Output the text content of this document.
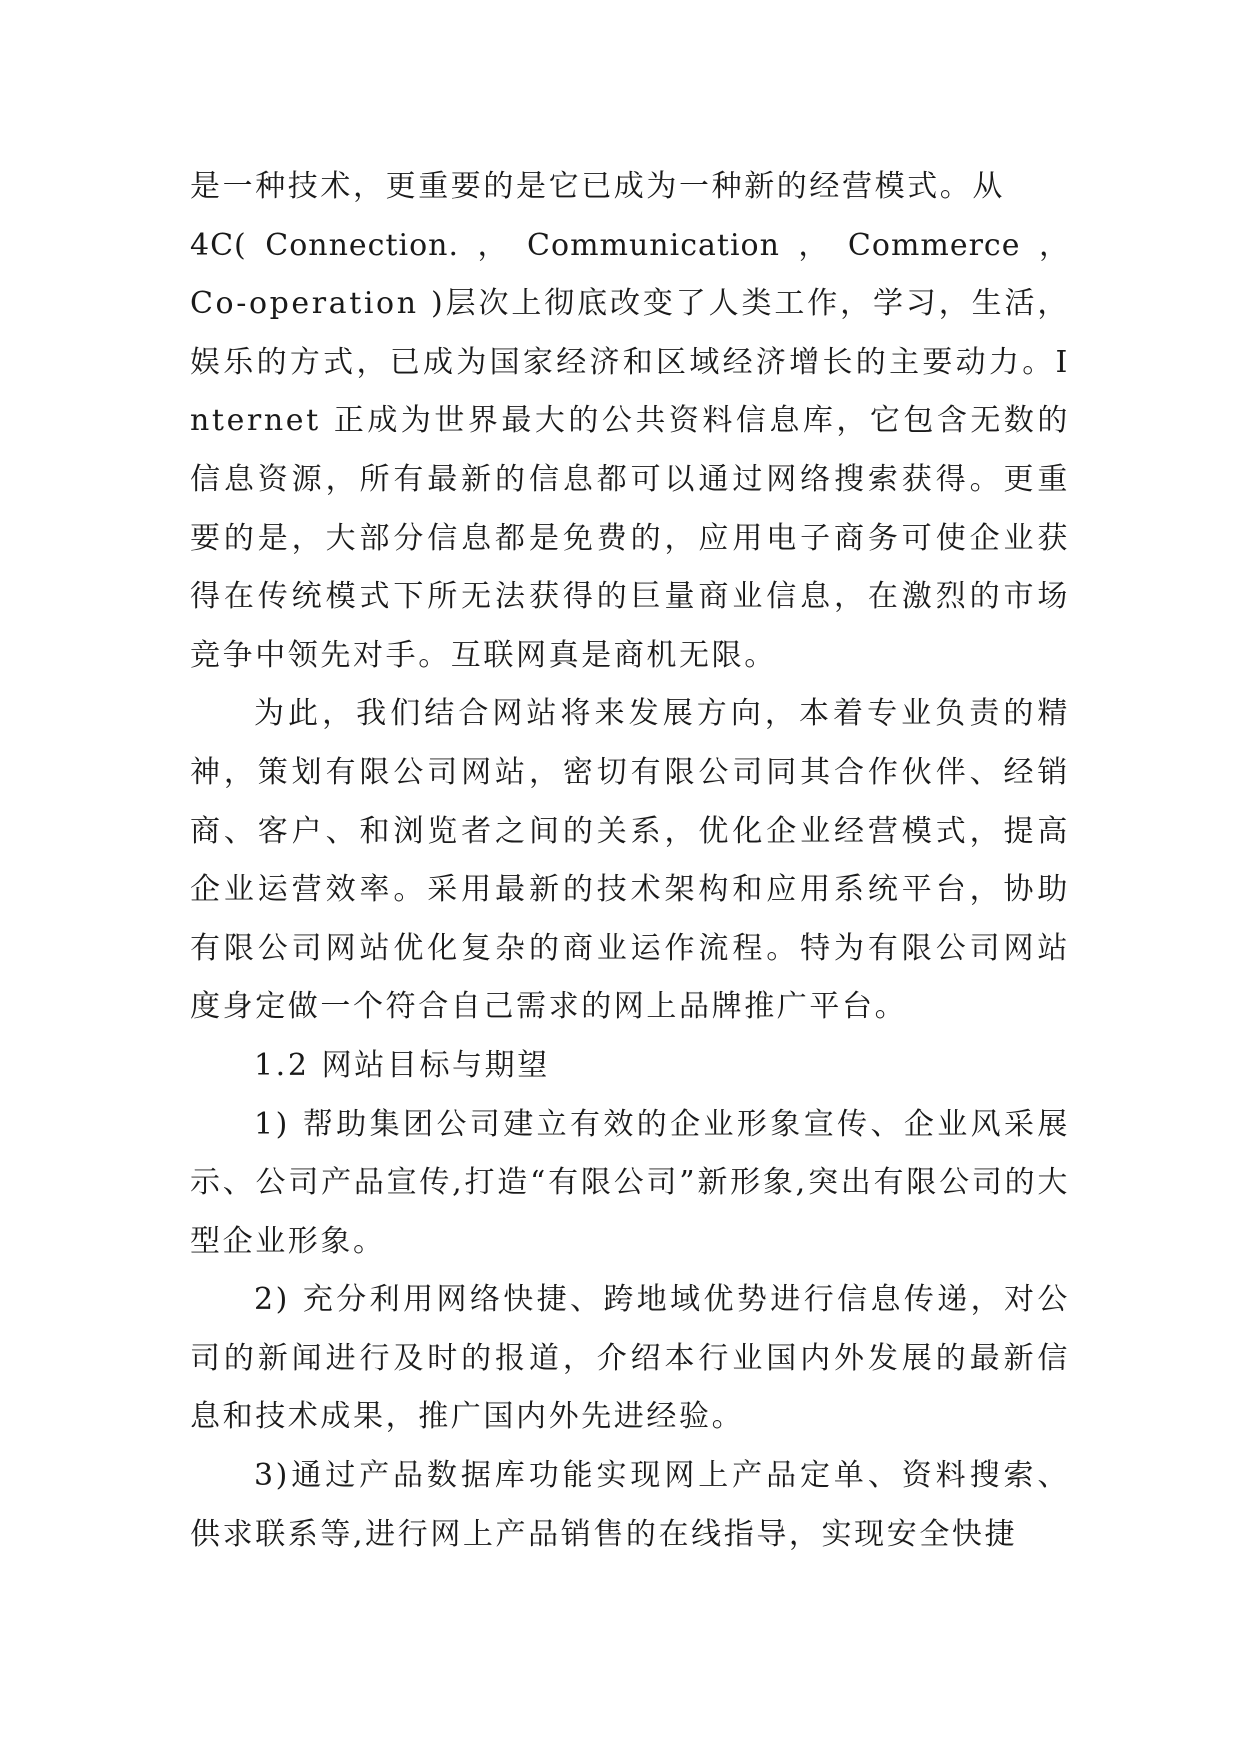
是一种技术，更重要的是它已成为一种新的经营模式。从
4C( Connection. ， Communication ， Commerce ，
Co-operation )层次上彻底改变了人类工作，学习，生活，娱乐的方式，已成为国家经济和区域经济增长的主要动力。Internet 正成为世界最大的公共资料信息库，它包含无数的信息资源，所有最新的信息都可以通过网络搜索获得。更重要的是，大部分信息都是免费的，应用电子商务可使企业获得在传统模式下所无法获得的巨量商业信息，在激烈的市场竞争中领先对手。互联网真是商机无限。

为此，我们结合网站将来发展方向，本着专业负责的精神，策划有限公司网站，密切有限公司同其合作伙伴、经销商、客户、和浏览者之间的关系，优化企业经营模式，提高企业运营效率。采用最新的技术架构和应用系统平台，协助有限公司网站优化复杂的商业运作流程。特为有限公司网站度身定做一个符合自己需求的网上品牌推广平台。

1.2 网站目标与期望

1) 帮助集团公司建立有效的企业形象宣传、企业风采展示、公司产品宣传,打造“有限公司”新形象,突出有限公司的大型企业形象。

2) 充分利用网络快捷、跨地域优势进行信息传递，对公司的新闻进行及时的报道，介绍本行业国内外发展的最新信息和技术成果，推广国内外先进经验。

3)通过产品数据库功能实现网上产品定单、资料搜索、供求联系等,进行网上产品销售的在线指导，实现安全快捷
